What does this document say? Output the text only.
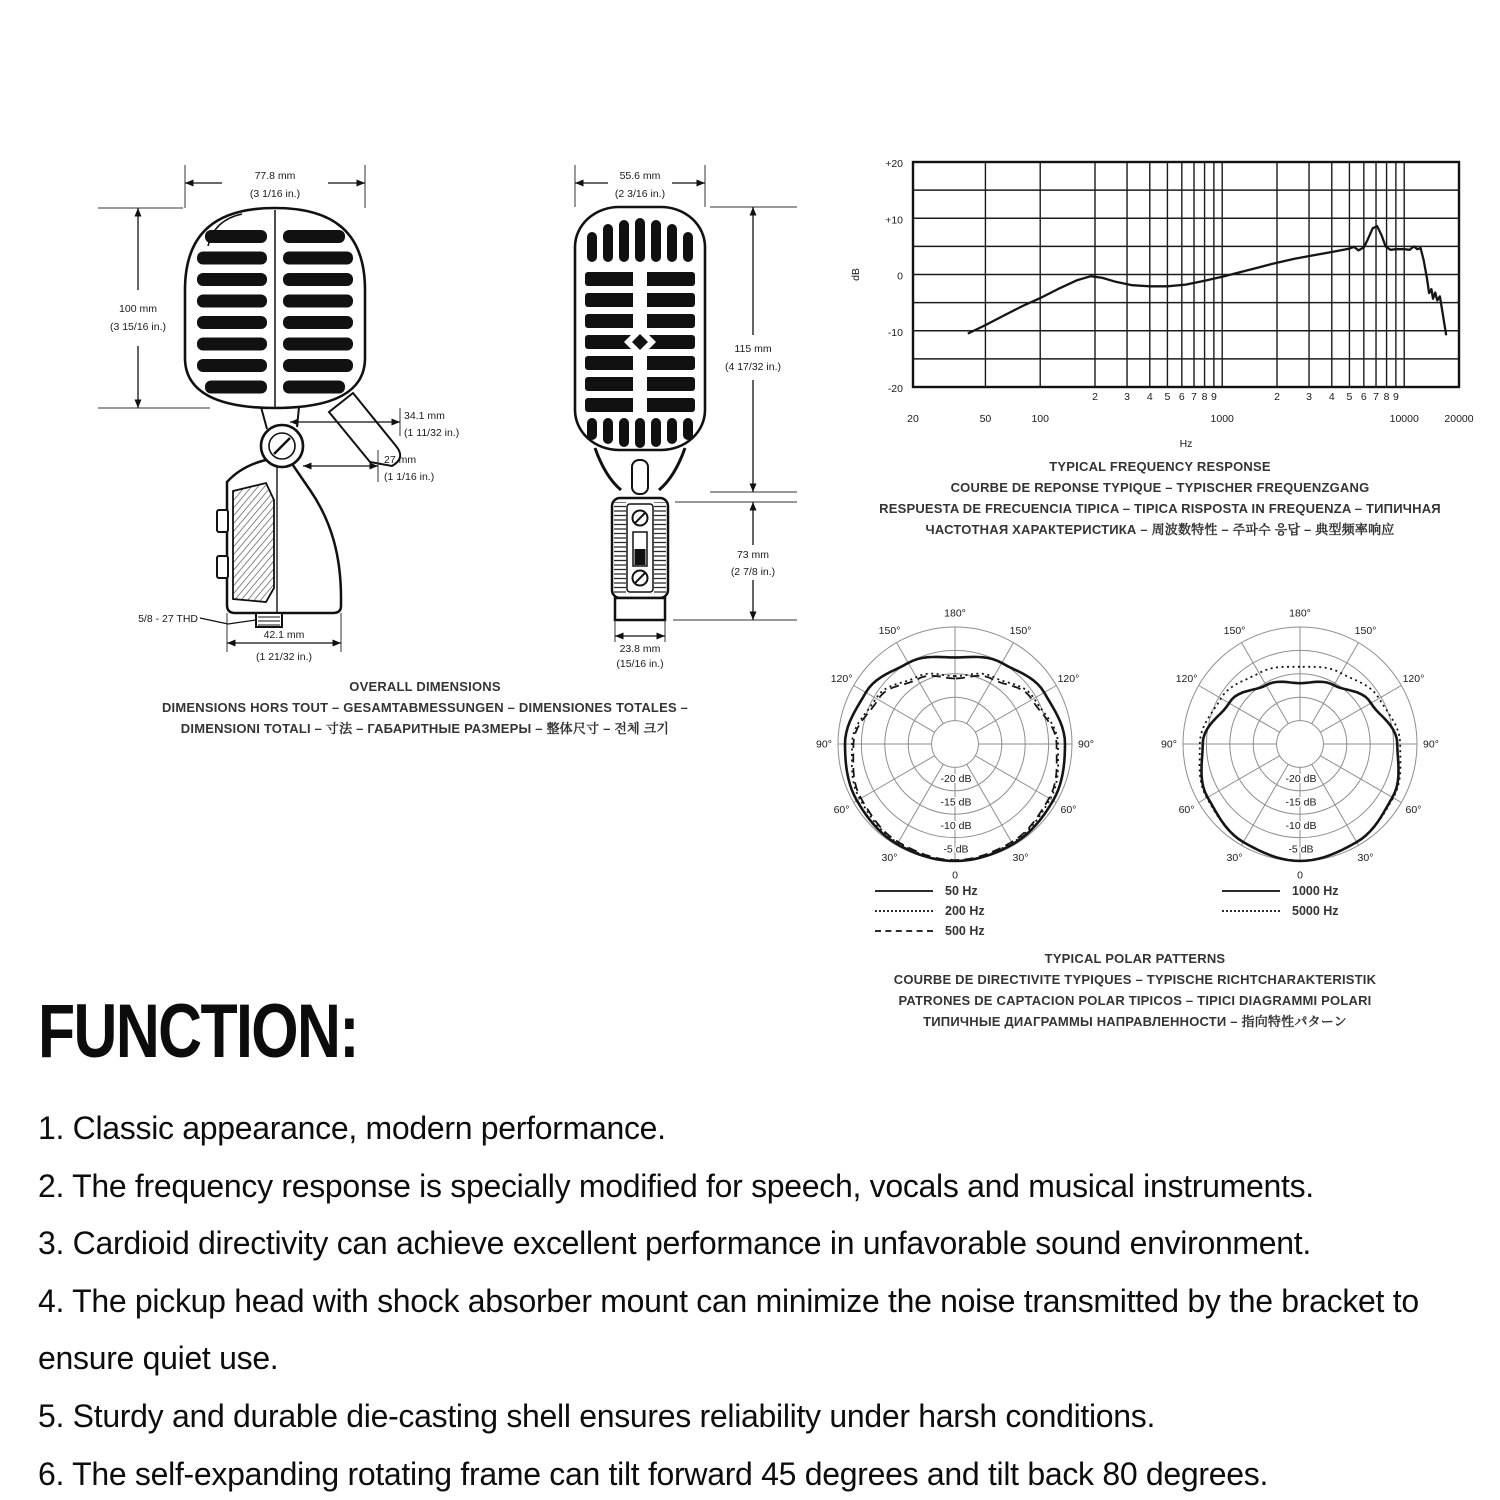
77.8 mm
(3 1/16 in.)
100 mm
(3 15/16 in.)
34.1 mm
(1 11/32 in.)
27 mm
(1 1/16 in.)
5/8 - 27 THD
42.1 mm
(1 21/32 in.)
55.6 mm
(2 3/16 in.)
115 mm
(4 17/32 in.)
73 mm
(2 7/8 in.)
23.8 mm
(15/16 in.)
OVERALL DIMENSIONS
DIMENSIONS HORS TOUT – GESAMTABMESSUNGEN – DIMENSIONES TOTALES –
DIMENSIONI TOTALI – 寸法 – ГАБАРИТНЫЕ РАЗМЕРЫ – 整体尺寸 – 전체 크기
+20
+10
0
-10
-20
dB
2 3 4 5 6 7 8 9	2 3 4 5 6 7 8 9
20	50	100	1000	10000 20000
Hz
TYPICAL FREQUENCY RESPONSE
COURBE DE REPONSE TYPIQUE – TYPISCHER FREQUENZGANG
RESPUESTA DE FRECUENCIA TIPICA – TIPICA RISPOSTA IN FREQUENZA – ТИПИЧНАЯ
ЧАСТОТНАЯ ХАРАКТЕРИСТИКА – 周波数特性 – 주파수 응답 – 典型频率响应
180°
150°
150°
120°
120°
90°
90°
60°
60°
30°
30°
0
-20 dB
-15 dB
-10 dB
-5 dB
180°
150°
150°
120°
120°
90°
90°
60°
60°
30°
30°
0
-20 dB
-15 dB
-10 dB
-5 dB
50 Hz
200 Hz
500 Hz
1000 Hz
5000 Hz
TYPICAL POLAR PATTERNS
COURBE DE DIRECTIVITE TYPIQUES – TYPISCHE RICHTCHARAKTERISTIK
PATRONES DE CAPTACION POLAR TIPICOS – TIPICI DIAGRAMMI POLARI
ТИПИЧНЫЕ ДИАГРАММЫ НАПРАВЛЕННОСТИ – 指向特性パターン
FUNCTION:
1. Classic appearance, modern performance.
2. The frequency response is specially modified for speech, vocals and musical instruments.
3. Cardioid directivity can achieve excellent performance in unfavorable sound environment.
4. The pickup head with shock absorber mount can minimize the noise transmitted by the bracket to ensure quiet use.
5. Sturdy and durable die-casting shell ensures reliability under harsh conditions.
6. The self-expanding rotating frame can tilt forward 45 degrees and tilt back 80 degrees.
